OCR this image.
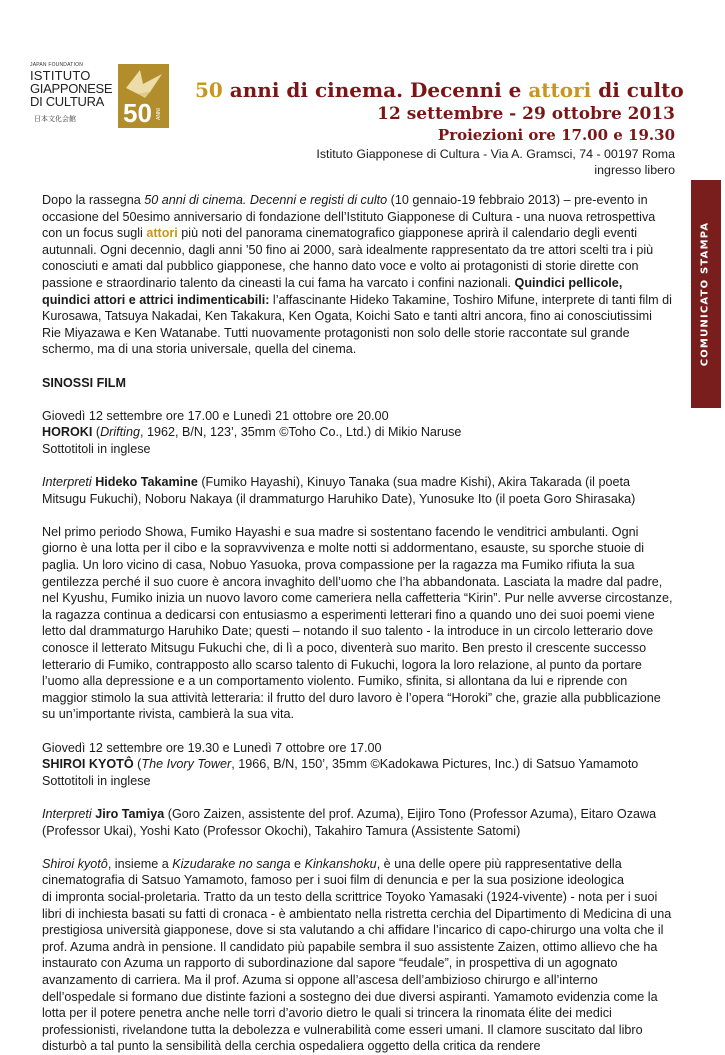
JAPAN FOUNDATION
ISTITUTO
GIAPPONESE
DI CULTURA
日本文化会館 50 ANNI
50 anni di cinema. Decenni e attori di culto
12 settembre - 29 ottobre 2013
Proiezioni ore 17.00 e 19.30
Istituto Giapponese di Cultura - Via A. Gramsci, 74 - 00197 Roma
ingresso libero
COMUNICATO STAMPA

Dopo la rassegna 50 anni di cinema. Decenni e registi di culto (10 gennaio-19 febbraio 2013) – pre-evento in occasione del 50esimo anniversario di fondazione dell’Istituto Giapponese di Cultura - una nuova retrospettiva con un focus sugli attori più noti del panorama cinematografico giapponese aprirà il calendario degli eventi autunnali. Ogni decennio, dagli anni ’50 fino ai 2000, sarà idealmente rappresentato da tre attori scelti tra i più conosciuti e amati dal pubblico giapponese, che hanno dato voce e volto ai protagonisti di storie dirette con passione e straordinario talento da cineasti la cui fama ha varcato i confini nazionali. Quindici pellicole, quindici attori e attrici indimenticabili: l’affascinante Hideko Takamine, Toshiro Mifune, interprete di tanti film di Kurosawa, Tatsuya Nakadai, Ken Takakura, Ken Ogata, Koichi Sato e tanti altri ancora, fino ai conosciutissimi Rie Miyazawa e Ken Watanabe. Tutti nuovamente protagonisti non solo delle storie raccontate sul grande schermo, ma di una storia universale, quella del cinema.

SINOSSI FILM

Giovedì 12 settembre ore 17.00 e Lunedì 21 ottobre ore 20.00

HOROKI (Drifting, 1962, B/N, 123’, 35mm ©Toho Co., Ltd.) di Mikio Naruse

Sottotitoli in inglese

Interpreti Hideko Takamine (Fumiko Hayashi), Kinuyo Tanaka (sua madre Kishi), Akira Takarada (il poeta Mitsugu Fukuchi), Noboru Nakaya (il drammaturgo Haruhiko Date), Yunosuke Ito (il poeta Goro Shirasaka)

Nel primo periodo Showa, Fumiko Hayashi e sua madre si sostentano facendo le venditrici ambulanti. Ogni giorno è una lotta per il cibo e la sopravvivenza e molte notti si addormentano, esauste, su sporche stuoie di paglia. Un loro vicino di casa, Nobuo Yasuoka, prova compassione per la ragazza ma Fumiko rifiuta la sua gentilezza perché il suo cuore è ancora invaghito dell’uomo che l’ha abbandonata. Lasciata la madre dal padre, nel Kyushu, Fumiko inizia un nuovo lavoro come cameriera nella caffetteria “Kirin”. Pur nelle avverse circostanze, la ragazza continua a dedicarsi con entusiasmo a esperimenti letterari fino a quando uno dei suoi poemi viene letto dal drammaturgo Haruhiko Date; questi – notando il suo talento - la introduce in un circolo letterario dove conosce il letterato Mitsugu Fukuchi che, di lì a poco, diventerà suo marito. Ben presto il crescente successo letterario di Fumiko, contrapposto allo scarso talento di Fukuchi, logora la loro relazione, al punto da portare l’uomo alla depressione e a un comportamento violento. Fumiko, sfinita, si allontana da lui e riprende con maggior stimolo la sua attività letteraria: il frutto del duro lavoro è l’opera “Horoki” che, grazie alla pubblicazione su un’importante rivista, cambierà la sua vita.

Giovedì 12 settembre ore 19.30 e Lunedì 7 ottobre ore 17.00

SHIROI KYOTÔ (The Ivory Tower, 1966, B/N, 150’, 35mm ©Kadokawa Pictures, Inc.) di Satsuo Yamamoto

Sottotitoli in inglese

Interpreti Jiro Tamiya (Goro Zaizen, assistente del prof. Azuma), Eijiro Tono (Professor Azuma), Eitaro Ozawa (Professor Ukai), Yoshi Kato (Professor Okochi), Takahiro Tamura (Assistente Satomi)

Shiroi kyotô, insieme a Kizudarake no sanga e Kinkanshoku, è una delle opere più rappresentative della cinematografia di Satsuo Yamamoto, famoso per i suoi film di denuncia e per la sua posizione ideologica

di impronta social-proletaria. Tratto da un testo della scrittrice Toyoko Yamasaki (1924-vivente) - nota per i suoi libri di inchiesta basati su fatti di cronaca - è ambientato nella ristretta cerchia del Dipartimento di Medicina di una prestigiosa università giapponese, dove si sta valutando a chi affidare l’incarico di capo-chirurgo una volta che il prof. Azuma andrà in pensione. Il candidato più papabile sembra il suo assistente Zaizen, ottimo allievo che ha instaurato con Azuma un rapporto di subordinazione dal sapore “feudale”, in prospettiva di un agognato avanzamento di carriera. Ma il prof. Azuma si oppone all’ascesa dell’ambizioso chirurgo e all’interno dell’ospedale si formano due distinte fazioni a sostegno dei due diversi aspiranti. Yamamoto evidenzia come la lotta per il potere penetra anche nelle torri d’avorio dietro le quali si trincera la rinomata élite dei medici professionisti, rivelandone tutta la debolezza e vulnerabilità come esseri umani. Il clamore suscitato dal libro disturbò a tal punto la sensibilità della cerchia ospedaliera oggetto della critica da rendere
